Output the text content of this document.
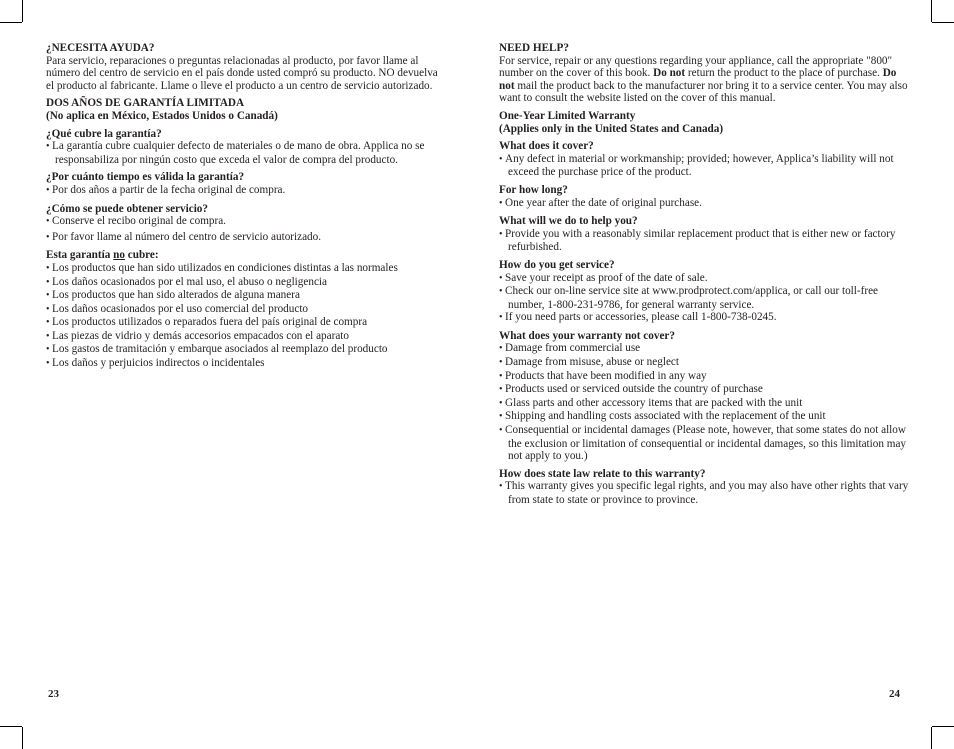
¿NECESITA AYUDA?

Para servicio, reparaciones o preguntas relacionadas al producto, por favor llame al número del centro de servicio en el país donde usted compró su producto. NO devuelva el producto al fabricante. Llame o lleve el producto a un centro de servicio autorizado.

DOS AÑOS DE GARANTÍA LIMITADA
(No aplica en México, Estados Unidos o Canadá)
¿Qué cubre la garantía?
• La garantía cubre cualquier defecto de materiales o de mano de obra. Applica no se responsabiliza por ningún costo que exceda el valor de compra del producto.
¿Por cuánto tiempo es válida la garantía?
• Por dos años a partir de la fecha original de compra.
¿Cómo se puede obtener servicio?
• Conserve el recibo original de compra.
• Por favor llame al número del centro de servicio autorizado.
Esta garantía no cubre:
• Los productos que han sido utilizados en condiciones distintas a las normales
• Los daños ocasionados por el mal uso, el abuso o negligencia
• Los productos que han sido alterados de alguna manera
• Los daños ocasionados por el uso comercial del producto
• Los productos utilizados o reparados fuera del país original de compra
• Las piezas de vidrio y demás accesorios empacados con el aparato
• Los gastos de tramitación y embarque asociados al reemplazo del producto
• Los daños y perjuicios indirectos o incidentales
NEED HELP?

For service, repair or any questions regarding your appliance, call the appropriate "800" number on the cover of this book. Do not return the product to the place of purchase. Do not mail the product back to the manufacturer nor bring it to a service center. You may also want to consult the website listed on the cover of this manual.

One-Year Limited Warranty
(Applies only in the United States and Canada)
What does it cover?
• Any defect in material or workmanship; provided; however, Applica’s liability will not exceed the purchase price of the product.
For how long?
• One year after the date of original purchase.
What will we do to help you?
• Provide you with a reasonably similar replacement product that is either new or factory refurbished.
How do you get service?
• Save your receipt as proof of the date of sale.
• Check our on-line service site at www.prodprotect.com/applica, or call our toll-free number, 1-800-231-9786, for general warranty service.
• If you need parts or accessories, please call 1-800-738-0245.
What does your warranty not cover?
• Damage from commercial use
• Damage from misuse, abuse or neglect
• Products that have been modified in any way
• Products used or serviced outside the country of purchase
• Glass parts and other accessory items that are packed with the unit
• Shipping and handling costs associated with the replacement of the unit
• Consequential or incidental damages (Please note, however, that some states do not allow the exclusion or limitation of consequential or incidental damages, so this limitation may not apply to you.)
How does state law relate to this warranty?
• This warranty gives you specific legal rights, and you may also have other rights that vary from state to state or province to province.
23	24
